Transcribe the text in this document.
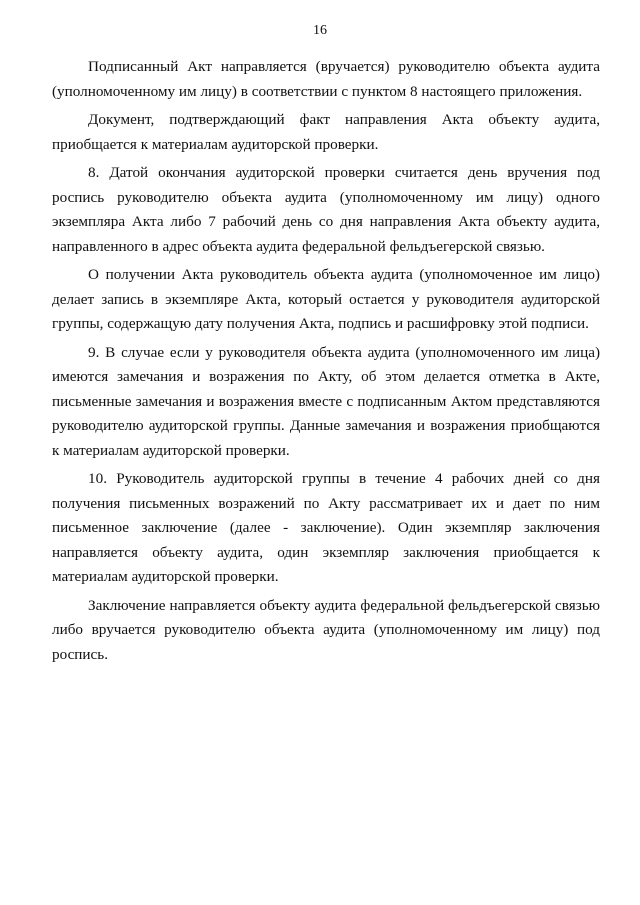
16

Подписанный Акт направляется (вручается) руководителю объекта аудита (уполномоченному им лицу) в соответствии с пунктом 8 настоящего приложения.

Документ, подтверждающий факт направления Акта объекту аудита, приобщается к материалам аудиторской проверки.

8. Датой окончания аудиторской проверки считается день вручения под роспись руководителю объекта аудита (уполномоченному им лицу) одного экземпляра Акта либо 7 рабочий день со дня направления Акта объекту аудита, направленного в адрес объекта аудита федеральной фельдъегерской связью.

О получении Акта руководитель объекта аудита (уполномоченное им лицо) делает запись в экземпляре Акта, который остается у руководителя аудиторской группы, содержащую дату получения Акта, подпись и расшифровку этой подписи.

9. В случае если у руководителя объекта аудита (уполномоченного им лица) имеются замечания и возражения по Акту, об этом делается отметка в Акте, письменные замечания и возражения вместе с подписанным Актом представляются руководителю аудиторской группы. Данные замечания и возражения приобщаются к материалам аудиторской проверки.

10. Руководитель аудиторской группы в течение 4 рабочих дней со дня получения письменных возражений по Акту рассматривает их и дает по ним письменное заключение (далее - заключение). Один экземпляр заключения направляется объекту аудита, один экземпляр заключения приобщается к материалам аудиторской проверки.

Заключение направляется объекту аудита федеральной фельдъегерской связью либо вручается руководителю объекта аудита (уполномоченному им лицу) под роспись.
